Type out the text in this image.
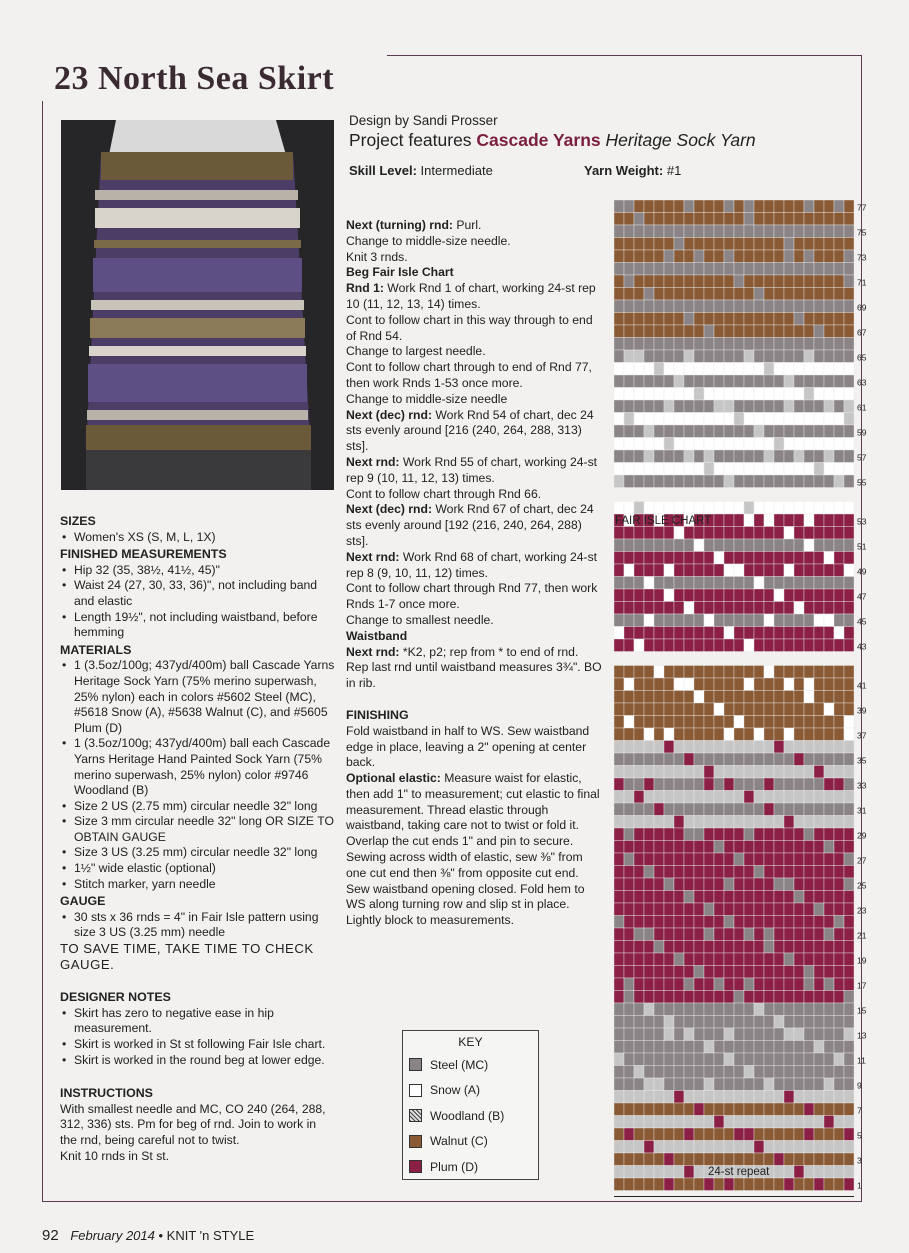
23 North Sea Skirt
Design by Sandi Prosser
Project features Cascade Yarns Heritage Sock Yarn
Skill Level: Intermediate	Yarn Weight: #1
SIZES
• Women's XS (S, M, L, 1X)
FINISHED MEASUREMENTS
• Hip 32 (35, 38½, 41½, 45)"
• Waist 24 (27, 30, 33, 36)", not including band and elastic
• Length 19½", not including waistband, before hemming
MATERIALS
• 1 (3.5oz/100g; 437yd/400m) ball Cascade Yarns Heritage Sock Yarn (75% merino superwash, 25% nylon) each in colors #5602 Steel (MC), #5618 Snow (A), #5638 Walnut (C), and #5605 Plum (D)
• 1 (3.5oz/100g; 437yd/400m) ball each Cascade Yarns Heritage Hand Painted Sock Yarn (75% merino superwash, 25% nylon) color #9746 Woodland (B)
• Size 2 US (2.75 mm) circular needle 32" long
• Size 3 mm circular needle 32" long OR SIZE TO OBTAIN GAUGE
• Size 3 US (3.25 mm) circular needle 32" long
• 1½" wide elastic (optional)
• Stitch marker, yarn needle
GAUGE
• 30 sts x 36 rnds = 4" in Fair Isle pattern using size 3 US (3.25 mm) needle

TO SAVE TIME, TAKE TIME TO CHECK GAUGE.

DESIGNER NOTES
• Skirt has zero to negative ease in hip measurement.
• Skirt is worked in St st following Fair Isle chart.
• Skirt is worked in the round beg at lower edge.
INSTRUCTIONS

With smallest needle and MC, CO 240 (264, 288, 312, 336) sts. Pm for beg of rnd. Join to work in the rnd, being careful not to twist.

Knit 10 rnds in St st.

Next (turning) rnd: Purl.

Change to middle-size needle.

Knit 3 rnds.

Beg Fair Isle Chart

Rnd 1: Work Rnd 1 of chart, working 24-st rep 10 (11, 12, 13, 14) times.

Cont to follow chart in this way through to end of Rnd 54.

Change to largest needle.

Cont to follow chart through to end of Rnd 77, then work Rnds 1-53 once more.

Change to middle-size needle

Next (dec) rnd: Work Rnd 54 of chart, dec 24 sts evenly around [216 (240, 264, 288, 313) sts].

Next rnd: Work Rnd 55 of chart, working 24-st rep 9 (10, 11, 12, 13) times.

Cont to follow chart through Rnd 66.

Next (dec) rnd: Work Rnd 67 of chart, dec 24 sts evenly around [192 (216, 240, 264, 288) sts].

Next rnd: Work Rnd 68 of chart, working 24-st rep 8 (9, 10, 11, 12) times.

Cont to follow chart through Rnd 77, then work Rnds 1-7 once more.

Change to smallest needle.

Waistband

Next rnd: *K2, p2; rep from * to end of rnd. Rep last rnd until waistband measures 3¾". BO in rib.

FINISHING

Fold waistband in half to WS. Sew waistband edge in place, leaving a 2" opening at center back.

Optional elastic: Measure waist for elastic, then add 1" to measurement; cut elastic to final measurement. Thread elastic through waistband, taking care not to twist or fold it. Overlap the cut ends 1" and pin to secure. Sewing across width of elastic, sew ⅜" from one cut end then ⅜" from opposite cut end. Sew waistband opening closed. Fold hem to WS along turning row and slip st in place. Lightly block to measurements.

KEY
Steel (MC)
Snow (A)
Woodland (B)
Walnut (C)
Plum (D)
77
75
73
71
69
67
65
63
61
59
57
55
53
51
49
47
45
43
41
39
37
35
33
31
29
27
25
23
21
19
17
15
13
11
9
7
5
3
1
FAIR ISLE CHART
24-st repeat
92 February 2014 • KNIT 'n STYLE
